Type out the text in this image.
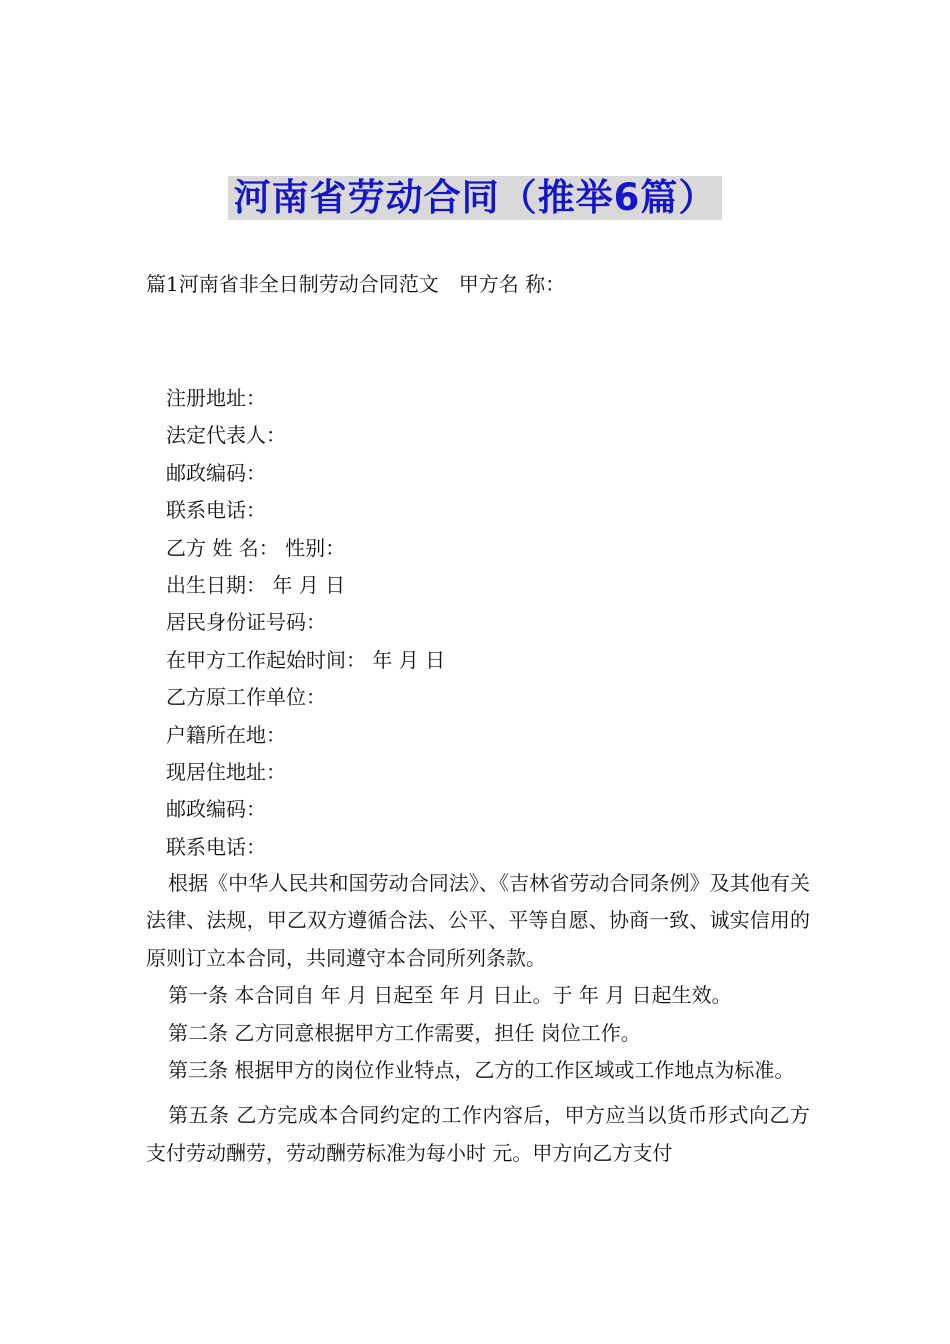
河南省劳动合同（推举6篇）
篇1河南省非全日制劳动合同范文　甲方名 称：
注册地址：
法定代表人：
邮政编码：
联系电话：
乙方 姓 名： 性别：
出生日期： 年 月 日
居民身份证号码：
在甲方工作起始时间： 年 月 日
乙方原工作单位：
户籍所在地：
现居住地址：
邮政编码：
联系电话：

根据《中华人民共和国劳动合同法》、《吉林省劳动合同条例》及其他有关法律、法规，甲乙双方遵循合法、公平、平等自愿、协商一致、诚实信用的原则订立本合同，共同遵守本合同所列条款。

第一条 本合同自 年 月 日起至 年 月 日止。于 年 月 日起生效。

第二条 乙方同意根据甲方工作需要，担任 岗位工作。

第三条 根据甲方的岗位作业特点，乙方的工作区域或工作地点为标准。

第五条 乙方完成本合同约定的工作内容后，甲方应当以货币形式向乙方支付劳动酬劳，劳动酬劳标准为每小时 元。甲方向乙方支付
